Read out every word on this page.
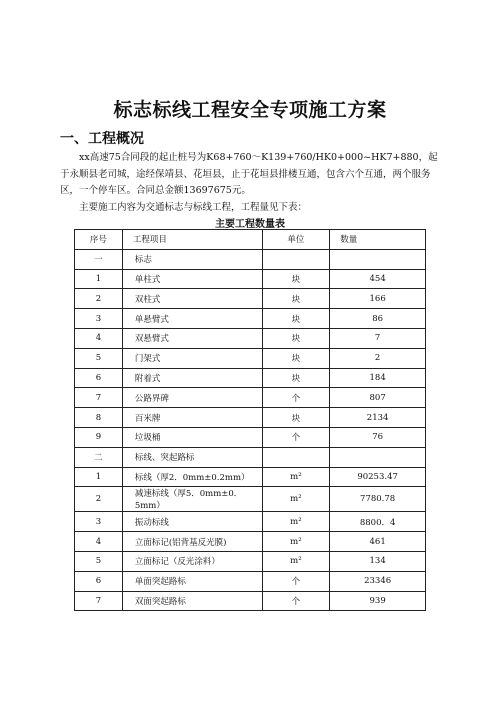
标志标线工程安全专项施工方案
一、工程概况
xx高速75合同段的起止桩号为K68+760～K139+760/HK0+000~HK7+880，起于永顺县老司城，途经保靖县、花垣县，止于花垣县排楼互通，包含六个互通，两个服务区，一个停车区。合同总金额13697675元。
主要施工内容为交通标志与标线工程，工程量见下表：
主要工程数量表
序号	工程项目	单位	数量
一	标志		
1	单柱式	块	454
2	双柱式	块	166
3	单悬臂式	块	86
4	双悬臂式	块	7
5	门架式	块	2
6	附着式	块	184
7	公路界碑	个	807
8	百米牌	块	2134
9	垃圾桶	个	76
二	标线、突起路标		
1	标线（厚2．0mm±0.2mm）	m²	90253.47
2	减速标线（厚5．0mm±0．5mm）	m²	7780.78
3	振动标线	m²	8800．4
4	立面标记(铝背基反光膜)	m²	461
5	立面标记（反光涂料）	m²	134
6	单面突起路标	个	23346
7	双面突起路标	个	939
